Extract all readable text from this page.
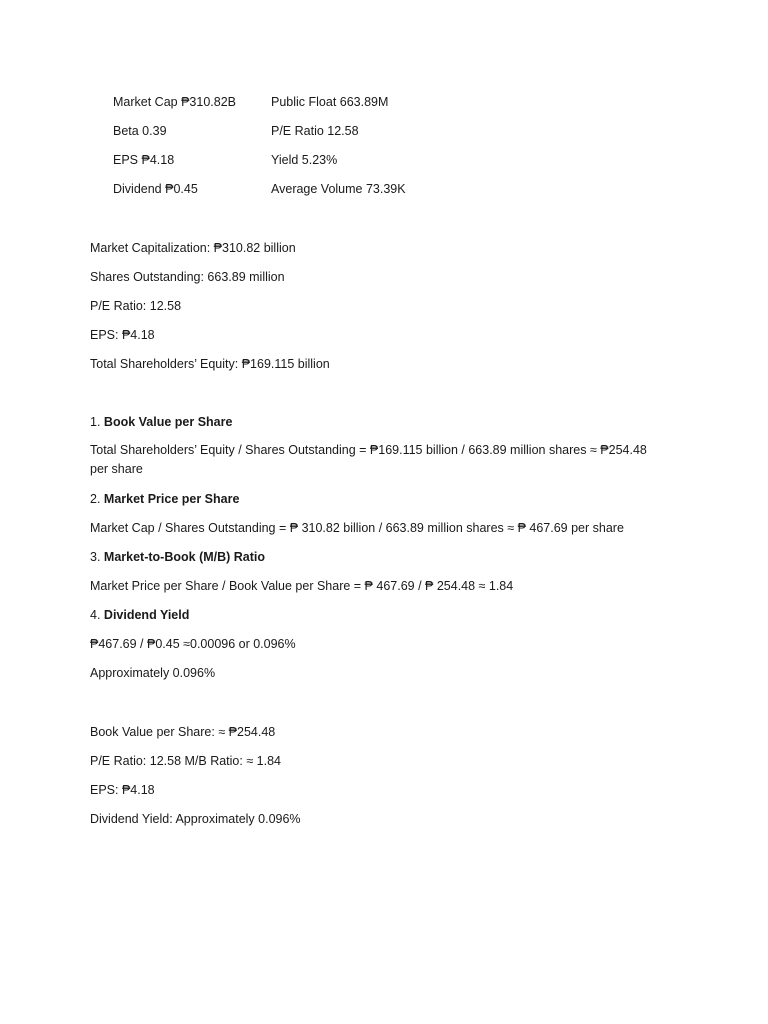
Market Cap ₱310.82B	Public Float 663.89M
Beta 0.39	P/E Ratio 12.58
EPS ₱4.18	Yield 5.23%
Dividend ₱0.45	Average Volume 73.39K
Market Capitalization: ₱310.82 billion
Shares Outstanding: 663.89 million
P/E Ratio: 12.58
EPS: ₱4.18
Total Shareholders’ Equity: ₱169.115 billion
1. Book Value per Share
Total Shareholders’ Equity / Shares Outstanding = ₱169.115 billion / 663.89 million shares ≈ ₱254.48 per share
2. Market Price per Share
Market Cap / Shares Outstanding = ₱ 310.82 billion / 663.89 million shares ≈ ₱ 467.69 per share
3. Market-to-Book (M/B) Ratio
Market Price per Share / Book Value per Share = ₱ 467.69 / ₱ 254.48 ≈ 1.84
4. Dividend Yield
₱467.69 / ₱0.45 ≈0.00096 or 0.096%
Approximately 0.096%
Book Value per Share: ≈ ₱254.48
P/E Ratio: 12.58 M/B Ratio: ≈ 1.84
EPS: ₱4.18
Dividend Yield: Approximately 0.096%
